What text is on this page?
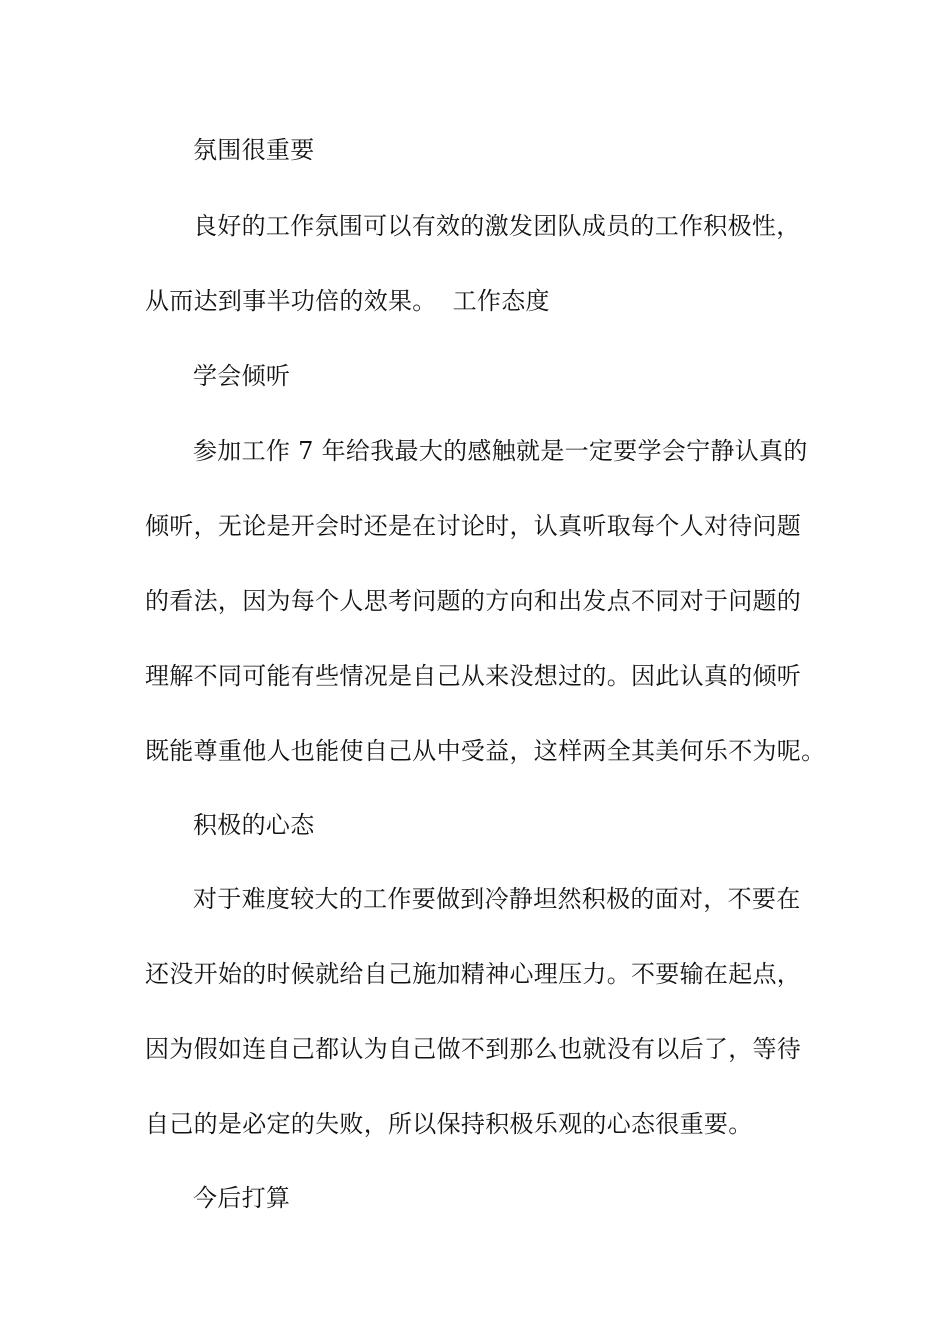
氛围很重要
良好的工作氛围可以有效的激发团队成员的工作积极性，
从而达到事半功倍的效果。 工作态度
学会倾听
参加工作 7 年给我最大的感触就是一定要学会宁静认真的
倾听，无论是开会时还是在讨论时，认真听取每个人对待问题
的看法，因为每个人思考问题的方向和出发点不同对于问题的
理解不同可能有些情况是自己从来没想过的。因此认真的倾听
既能尊重他人也能使自己从中受益，这样两全其美何乐不为呢。
积极的心态
对于难度较大的工作要做到冷静坦然积极的面对，不要在
还没开始的时候就给自己施加精神心理压力。不要输在起点，
因为假如连自己都认为自己做不到那么也就没有以后了，等待
自己的是必定的失败，所以保持积极乐观的心态很重要。
今后打算
